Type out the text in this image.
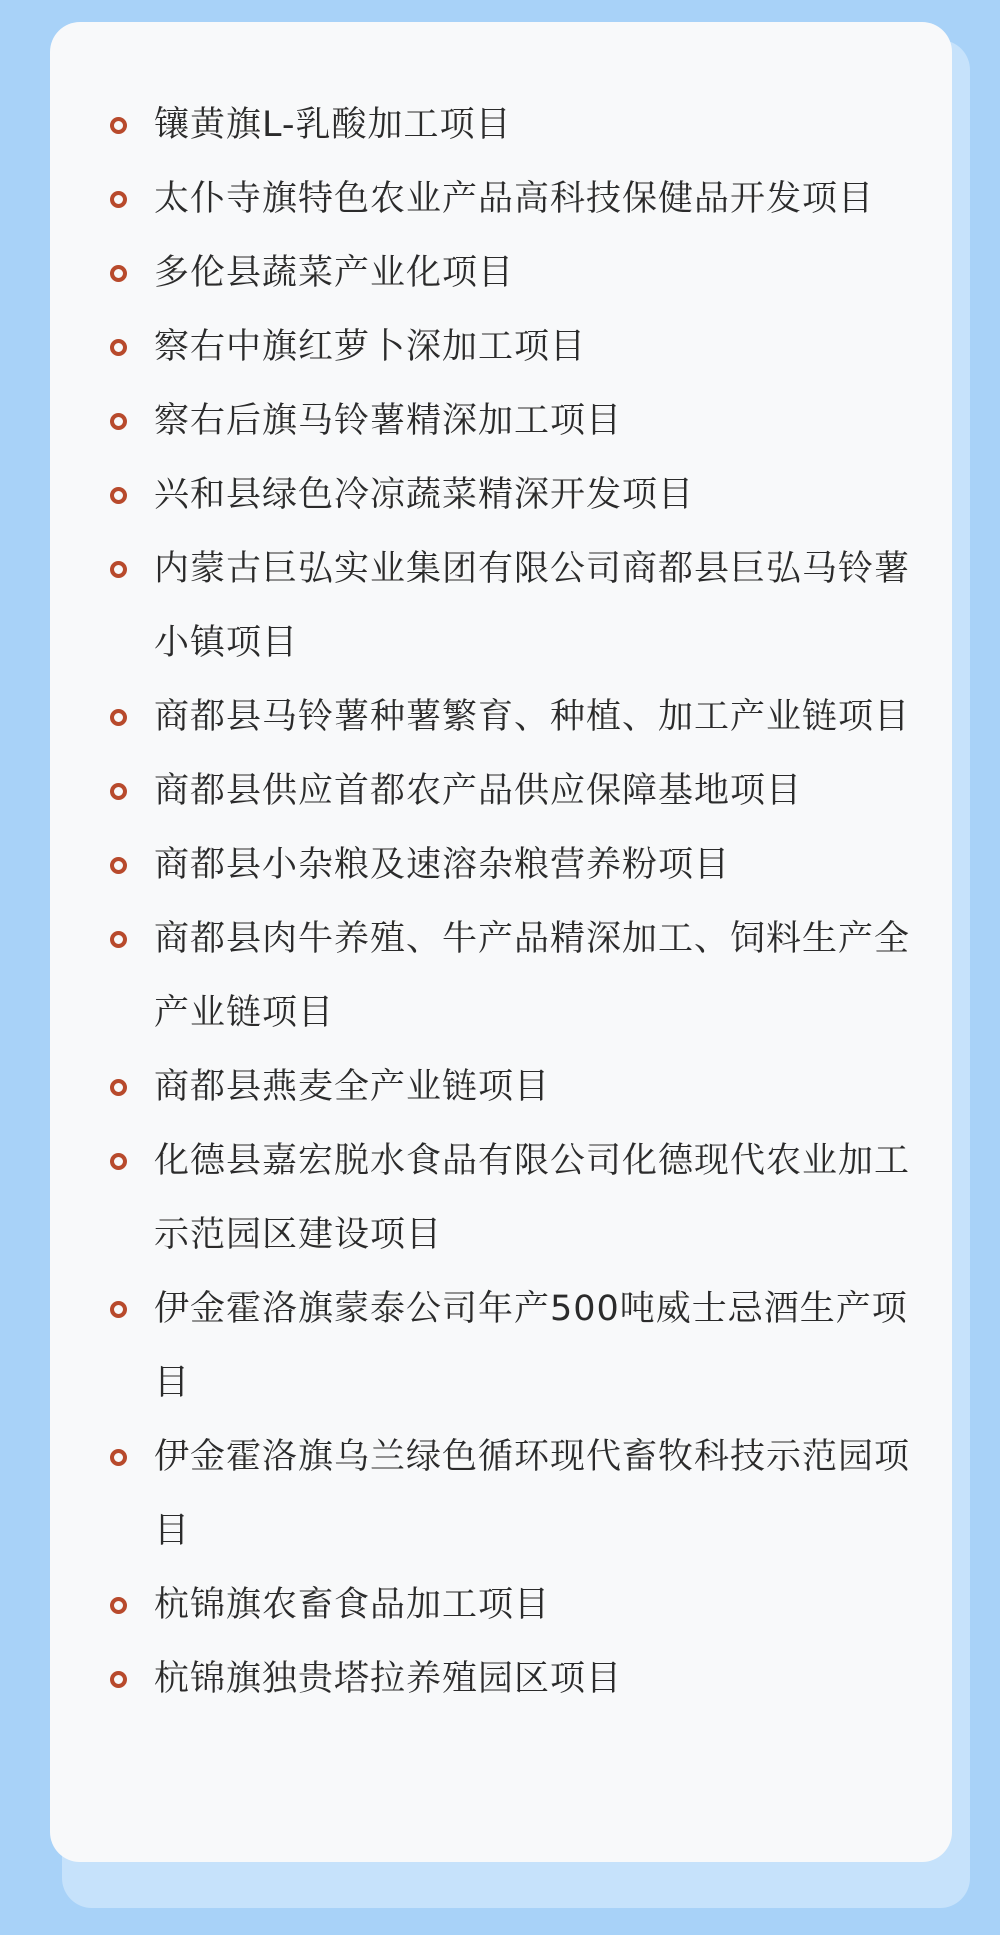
镶黄旗L-乳酸加工项目
太仆寺旗特色农业产品高科技保健品开发项目
多伦县蔬菜产业化项目
察右中旗红萝卜深加工项目
察右后旗马铃薯精深加工项目
兴和县绿色冷凉蔬菜精深开发项目
内蒙古巨弘实业集团有限公司商都县巨弘马铃薯小镇项目
商都县马铃薯种薯繁育、种植、加工产业链项目
商都县供应首都农产品供应保障基地项目
商都县小杂粮及速溶杂粮营养粉项目
商都县肉牛养殖、牛产品精深加工、饲料生产全产业链项目
商都县燕麦全产业链项目
化德县嘉宏脱水食品有限公司化德现代农业加工示范园区建设项目
伊金霍洛旗蒙泰公司年产500吨威士忌酒生产项目
伊金霍洛旗乌兰绿色循环现代畜牧科技示范园项目
杭锦旗农畜食品加工项目
杭锦旗独贵塔拉养殖园区项目
